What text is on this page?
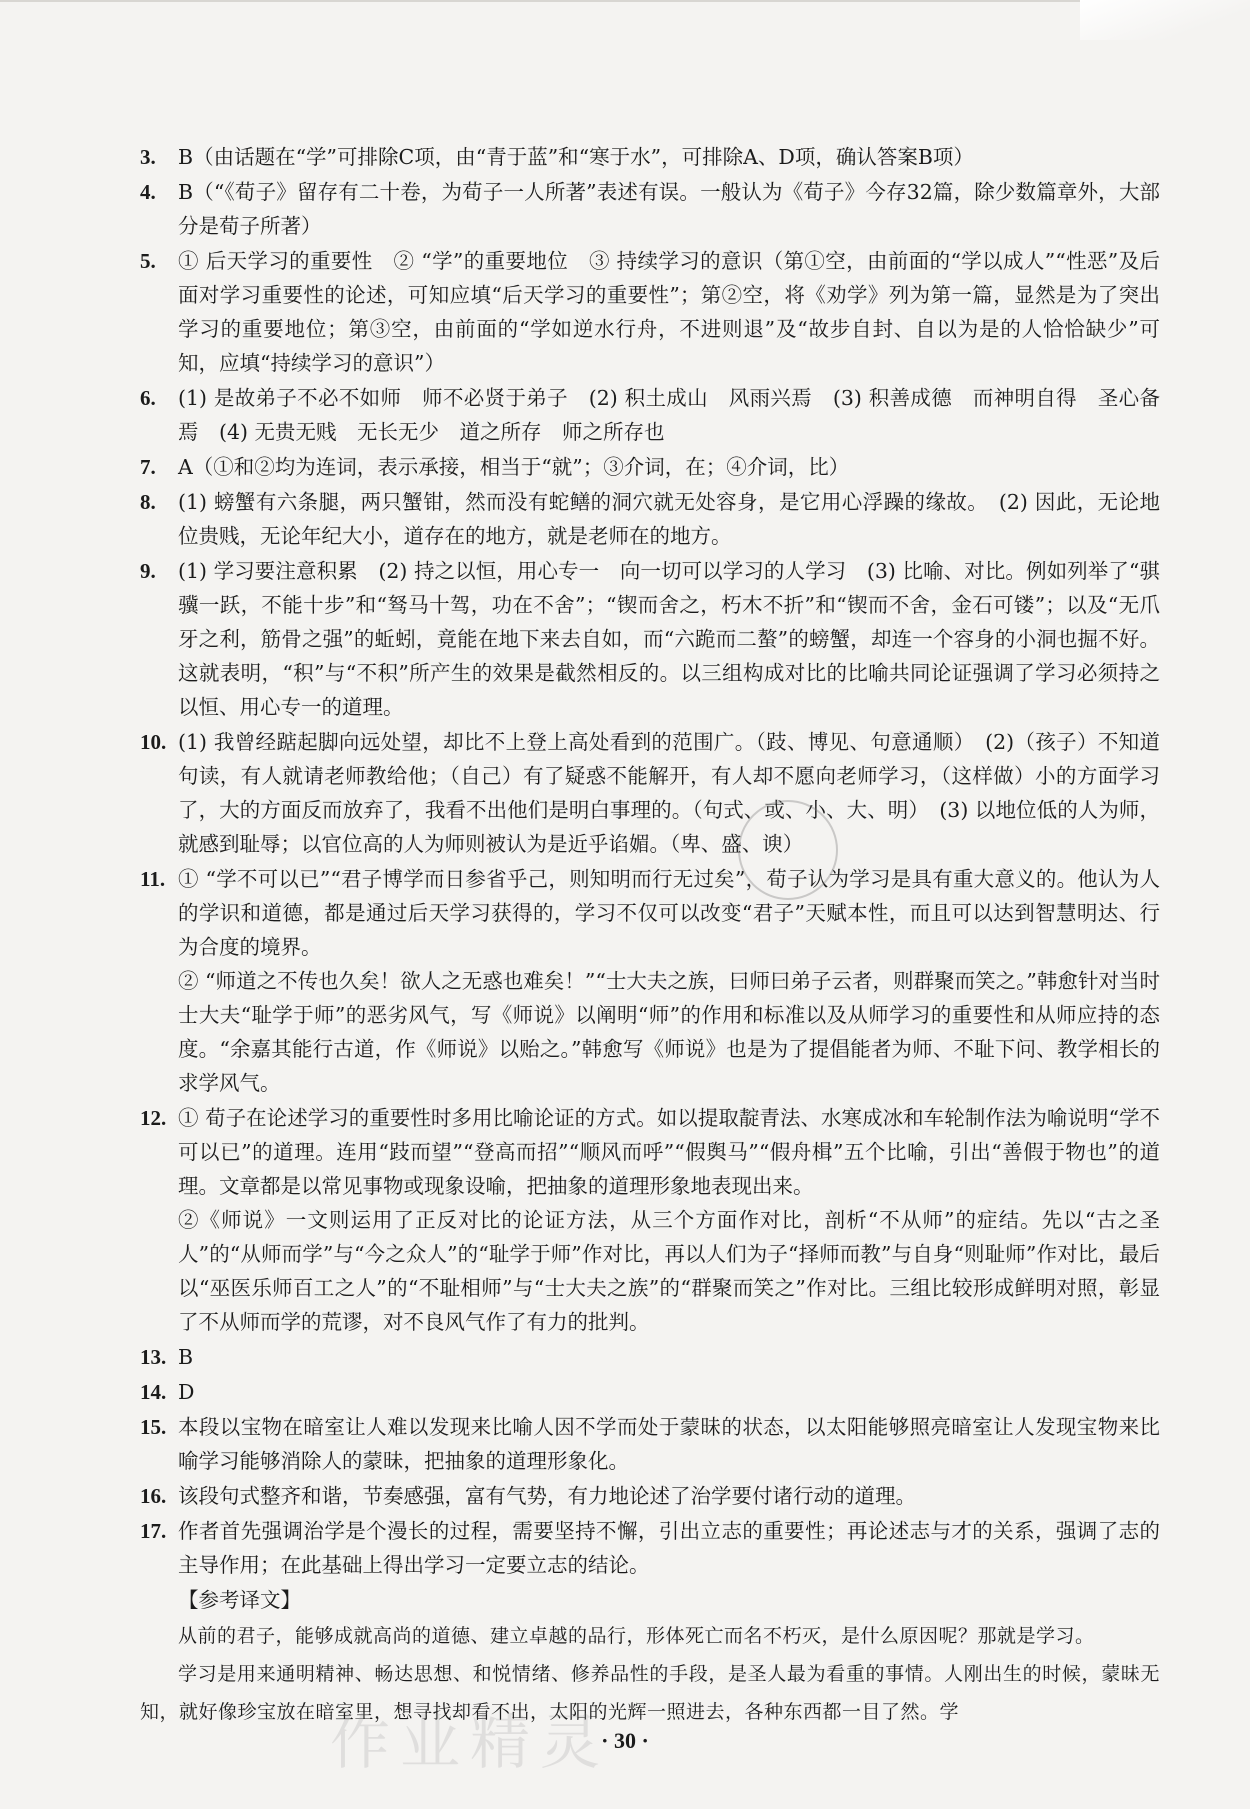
3.	B（由话题在“学”可排除C项，由“青于蓝”和“寒于水”，可排除A、D项，确认答案B项）

4.	B（“《荀子》留存有二十卷，为荀子一人所著”表述有误。一般认为《荀子》今存32篇，除少数篇章外，大部分是荀子所著）

5.	① 后天学习的重要性　② “学”的重要地位　③ 持续学习的意识（第①空，由前面的“学以成人”“性恶”及后面对学习重要性的论述，可知应填“后天学习的重要性”；第②空，将《劝学》列为第一篇，显然是为了突出学习的重要地位；第③空，由前面的“学如逆水行舟，不进则退”及“故步自封、自以为是的人恰恰缺少”可知，应填“持续学习的意识”）

6.	(1) 是故弟子不必不如师　师不必贤于弟子　(2) 积土成山　风雨兴焉　(3) 积善成德　而神明自得　圣心备焉　(4) 无贵无贱　无长无少　道之所存　师之所存也

7.	A（①和②均为连词，表示承接，相当于“就”；③介词，在；④介词，比）

8.	(1) 螃蟹有六条腿，两只蟹钳，然而没有蛇鳝的洞穴就无处容身，是它用心浮躁的缘故。　(2) 因此，无论地位贵贱，无论年纪大小，道存在的地方，就是老师在的地方。

9.	(1) 学习要注意积累　(2) 持之以恒，用心专一　向一切可以学习的人学习　(3) 比喻、对比。例如列举了“骐骥一跃，不能十步”和“驽马十驾，功在不舍”；“锲而舍之，朽木不折”和“锲而不舍，金石可镂”；以及“无爪牙之利，筋骨之强”的蚯蚓，竟能在地下来去自如，而“六跪而二螯”的螃蟹，却连一个容身的小洞也掘不好。这就表明，“积”与“不积”所产生的效果是截然相反的。以三组构成对比的比喻共同论证强调了学习必须持之以恒、用心专一的道理。

10. (1) 我曾经踮起脚向远处望，却比不上登上高处看到的范围广。（跂、博见、句意通顺）　(2)（孩子）不知道句读，有人就请老师教给他；（自己）有了疑惑不能解开，有人却不愿向老师学习，（这样做）小的方面学习了，大的方面反而放弃了，我看不出他们是明白事理的。（句式、或、小、大、明）　(3) 以地位低的人为师，就感到耻辱；以官位高的人为师则被认为是近乎谄媚。（卑、盛、谀）

11. ① “学不可以已”“君子博学而日参省乎己，则知明而行无过矣”，荀子认为学习是具有重大意义的。他认为人的学识和道德，都是通过后天学习获得的，学习不仅可以改变“君子”天赋本性，而且可以达到智慧明达、行为合度的境界。

② “师道之不传也久矣！欲人之无惑也难矣！”“士大夫之族，曰师曰弟子云者，则群聚而笑之。”韩愈针对当时士大夫“耻学于师”的恶劣风气，写《师说》以阐明“师”的作用和标准以及从师学习的重要性和从师应持的态度。“余嘉其能行古道，作《师说》以贻之。”韩愈写《师说》也是为了提倡能者为师、不耻下问、教学相长的求学风气。

12. ① 荀子在论述学习的重要性时多用比喻论证的方式。如以提取靛青法、水寒成冰和车轮制作法为喻说明“学不可以已”的道理。连用“跂而望”“登高而招”“顺风而呼”“假舆马”“假舟楫”五个比喻，引出“善假于物也”的道理。文章都是以常见事物或现象设喻，把抽象的道理形象地表现出来。

②《师说》一文则运用了正反对比的论证方法，从三个方面作对比，剖析“不从师”的症结。先以“古之圣人”的“从师而学”与“今之众人”的“耻学于师”作对比，再以人们为子“择师而教”与自身“则耻师”作对比，最后以“巫医乐师百工之人”的“不耻相师”与“士大夫之族”的“群聚而笑之”作对比。三组比较形成鲜明对照，彰显了不从师而学的荒谬，对不良风气作了有力的批判。

13. B

14. D

15. 本段以宝物在暗室让人难以发现来比喻人因不学而处于蒙昧的状态，以太阳能够照亮暗室让人发现宝物来比喻学习能够消除人的蒙昧，把抽象的道理形象化。

16. 该段句式整齐和谐，节奏感强，富有气势，有力地论述了治学要付诸行动的道理。

17. 作者首先强调治学是个漫长的过程，需要坚持不懈，引出立志的重要性；再论述志与才的关系，强调了志的主导作用；在此基础上得出学习一定要立志的结论。

【参考译文】

从前的君子，能够成就高尚的道德、建立卓越的品行，形体死亡而名不朽灭，是什么原因呢？那就是学习。

学习是用来通明精神、畅达思想、和悦情绪、修养品性的手段，是圣人最为看重的事情。人刚出生的时候，蒙昧无知，就好像珍宝放在暗室里，想寻找却看不出，太阳的光辉一照进去，各种东西都一目了然。学

作业精灵
· 30 ·
